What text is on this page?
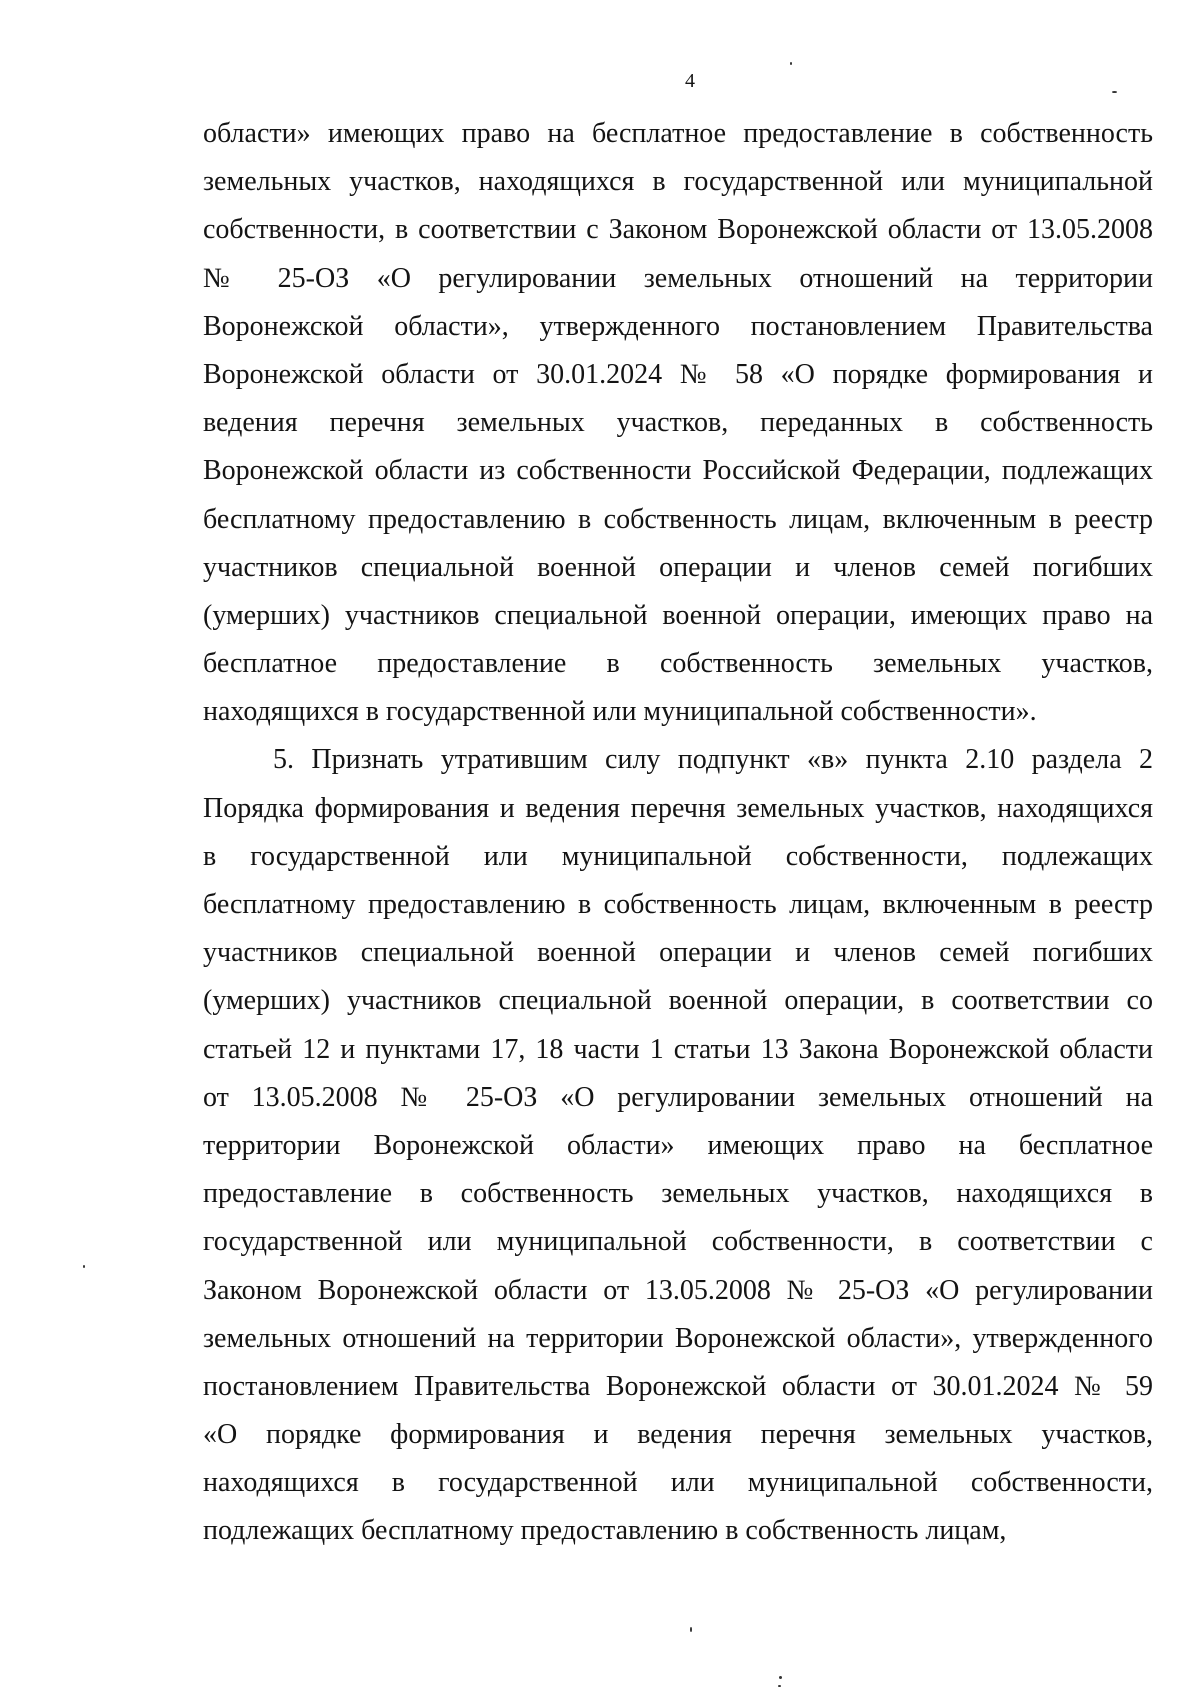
4
области» имеющих право на бесплатное предоставление в собственность
земельных участков, находящихся в государственной или муниципальной
собственности, в соответствии с Законом Воронежской области от 13.05.2008
№ 25-ОЗ «О регулировании земельных отношений на территории
Воронежской области», утвержденного постановлением Правительства
Воронежской области от 30.01.2024 № 58 «О порядке формирования и
ведения перечня земельных участков, переданных в собственность
Воронежской области из собственности Российской Федерации, подлежащих
бесплатному предоставлению в собственность лицам, включенным в реестр
участников специальной военной операции и членов семей погибших
(умерших) участников специальной военной операции, имеющих право на
бесплатное предоставление в собственность земельных участков,
находящихся в государственной или муниципальной собственности».
5. Признать утратившим силу подпункт «в» пункта 2.10 раздела 2
Порядка формирования и ведения перечня земельных участков, находящихся
в государственной или муниципальной собственности, подлежащих
бесплатному предоставлению в собственность лицам, включенным в реестр
участников специальной военной операции и членов семей погибших
(умерших) участников специальной военной операции, в соответствии со
статьей 12 и пунктами 17, 18 части 1 статьи 13 Закона Воронежской области
от 13.05.2008 № 25-ОЗ «О регулировании земельных отношений на
территории Воронежской области» имеющих право на бесплатное
предоставление в собственность земельных участков, находящихся в
государственной или муниципальной собственности, в соответствии с
Законом Воронежской области от 13.05.2008 № 25-ОЗ «О регулировании
земельных отношений на территории Воронежской области», утвержденного
постановлением Правительства Воронежской области от 30.01.2024 № 59
«О порядке формирования и ведения перечня земельных участков,
находящихся в государственной или муниципальной собственности,
подлежащих бесплатному предоставлению в собственность лицам,
